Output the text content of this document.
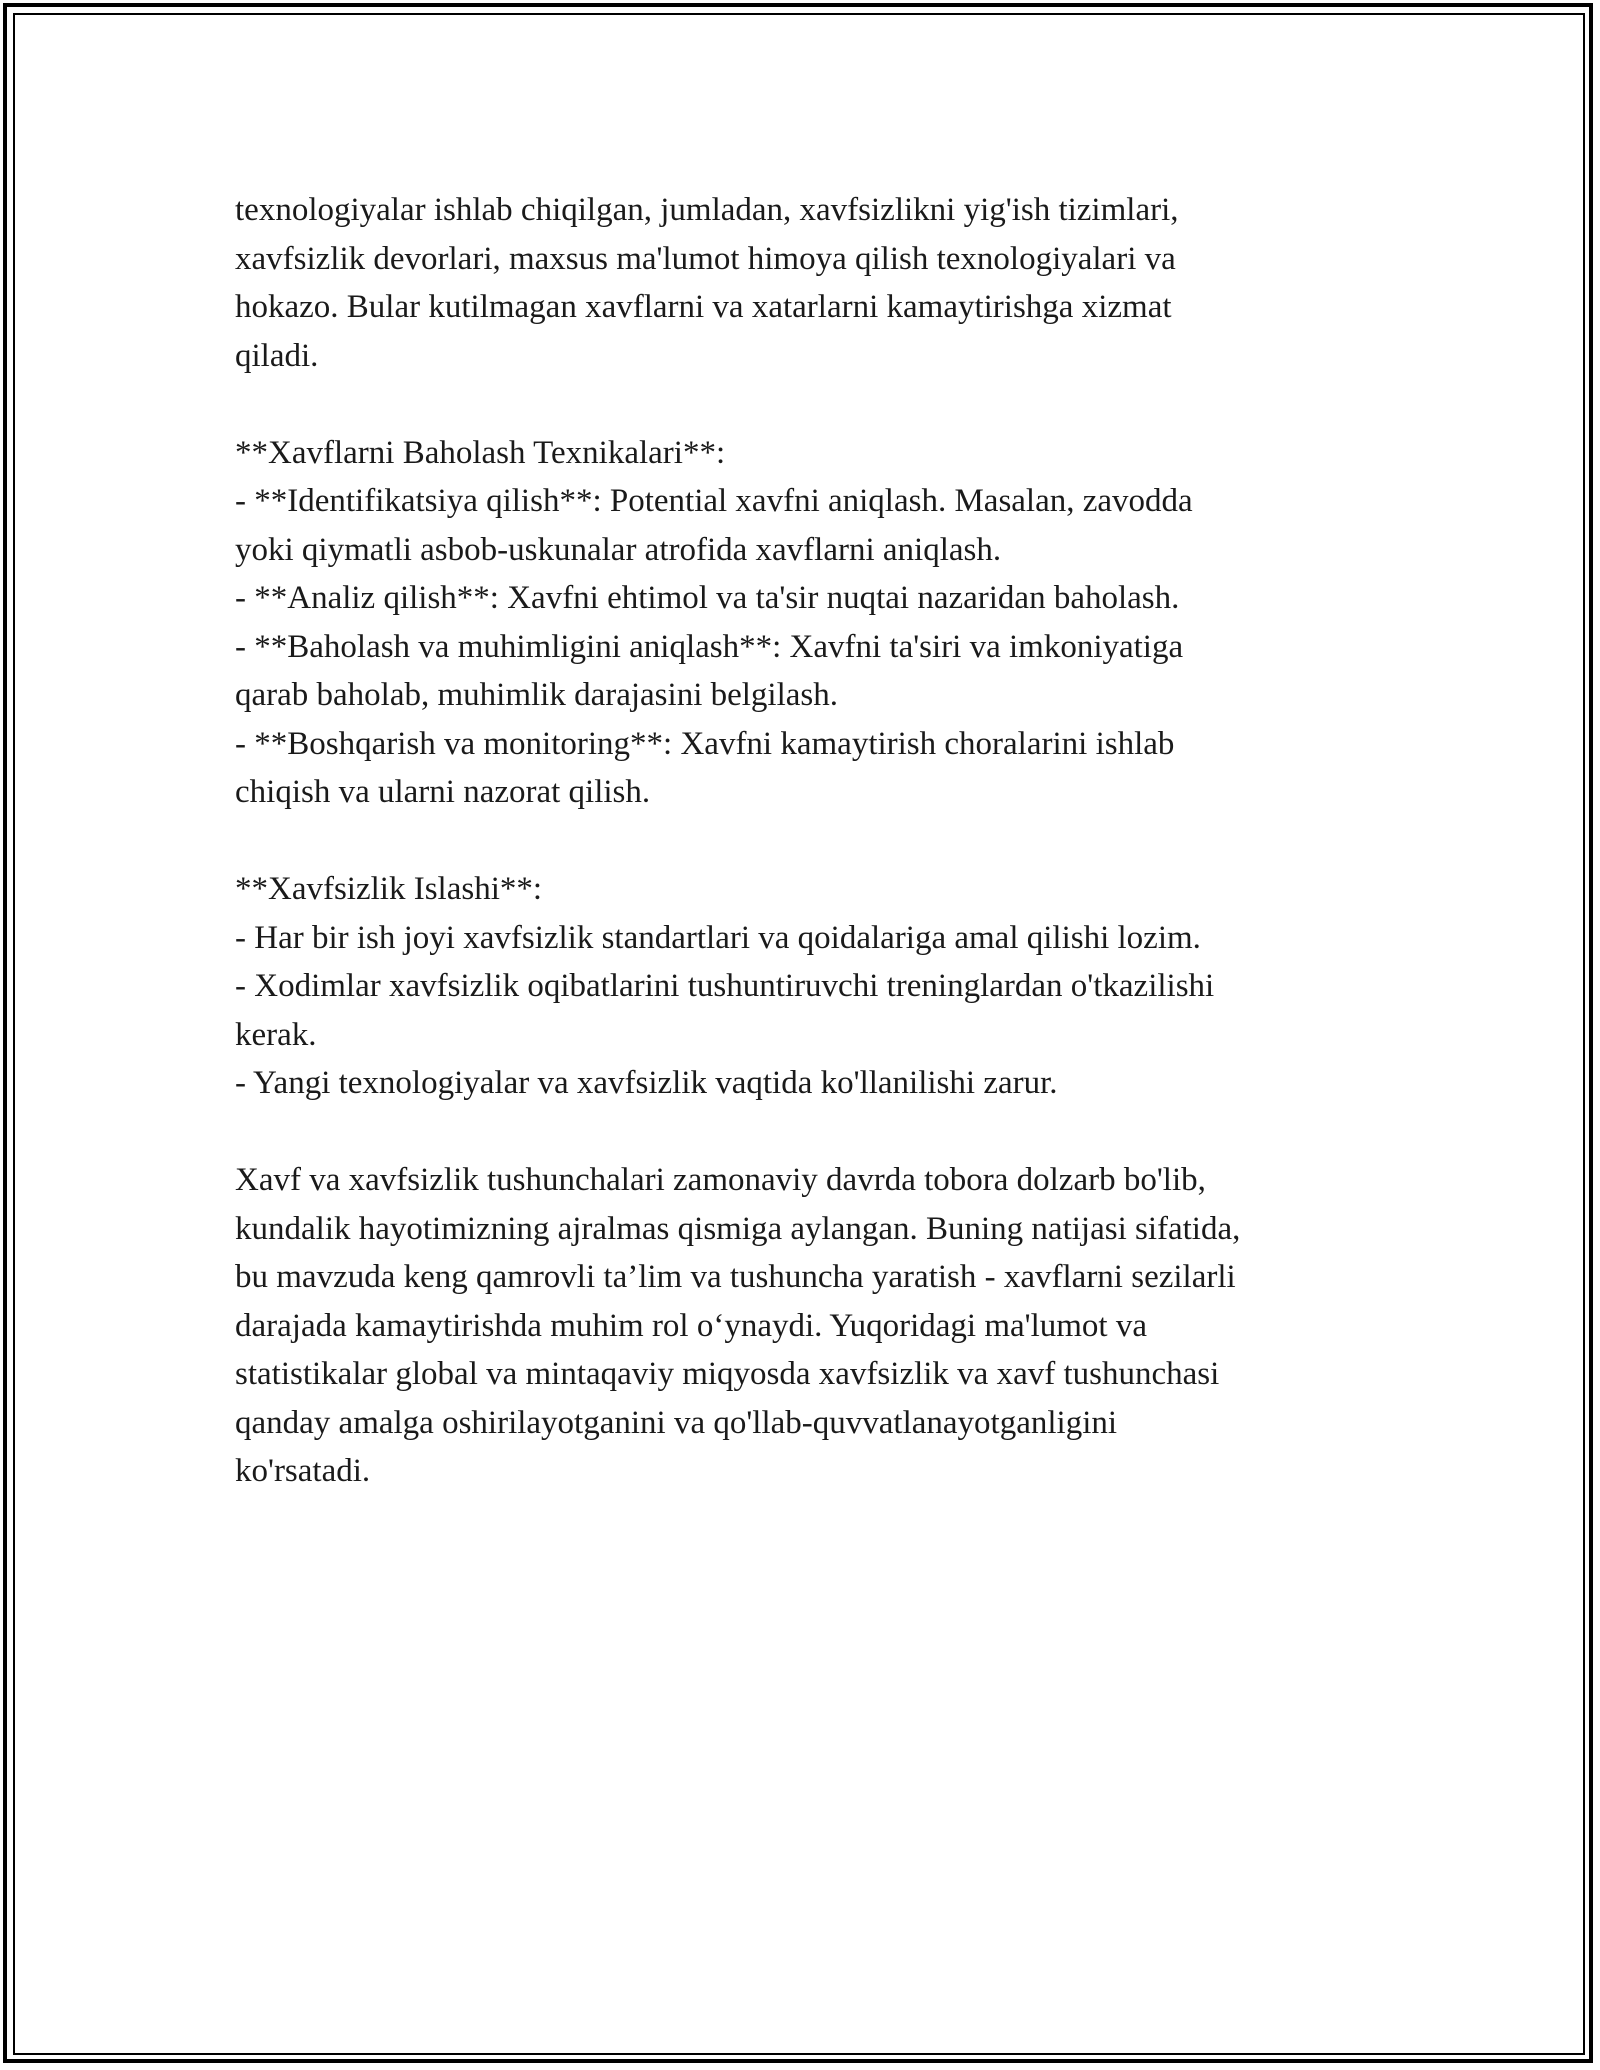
texnologiyalar ishlab chiqilgan, jumladan, xavfsizlikni yig'ish tizimlari,
xavfsizlik devorlari, maxsus ma'lumot himoya qilish texnologiyalari va
hokazo. Bular kutilmagan xavflarni va xatarlarni kamaytirishga xizmat
qiladi.
**Xavflarni Baholash Texnikalari**:
- **Identifikatsiya qilish**: Potential xavfni aniqlash. Masalan, zavodda
yoki qiymatli asbob-uskunalar atrofida xavflarni aniqlash.
- **Analiz qilish**: Xavfni ehtimol va ta'sir nuqtai nazaridan baholash.
- **Baholash va muhimligini aniqlash**: Xavfni ta'siri va imkoniyatiga
qarab baholab, muhimlik darajasini belgilash.
- **Boshqarish va monitoring**: Xavfni kamaytirish choralarini ishlab
chiqish va ularni nazorat qilish.
**Xavfsizlik Islashi**:
- Har bir ish joyi xavfsizlik standartlari va qoidalariga amal qilishi lozim.
- Xodimlar xavfsizlik oqibatlarini tushuntiruvchi treninglardan o'tkazilishi
kerak.
- Yangi texnologiyalar va xavfsizlik vaqtida ko'llanilishi zarur.
Xavf va xavfsizlik tushunchalari zamonaviy davrda tobora dolzarb bo'lib,
kundalik hayotimizning ajralmas qismiga aylangan. Buning natijasi sifatida,
bu mavzuda keng qamrovli ta’lim va tushuncha yaratish - xavflarni sezilarli
darajada kamaytirishda muhim rol o‘ynaydi. Yuqoridagi ma'lumot va
statistikalar global va mintaqaviy miqyosda xavfsizlik va xavf tushunchasi
qanday amalga oshirilayotganini va qo'llab-quvvatlanayotganligini
ko'rsatadi.
